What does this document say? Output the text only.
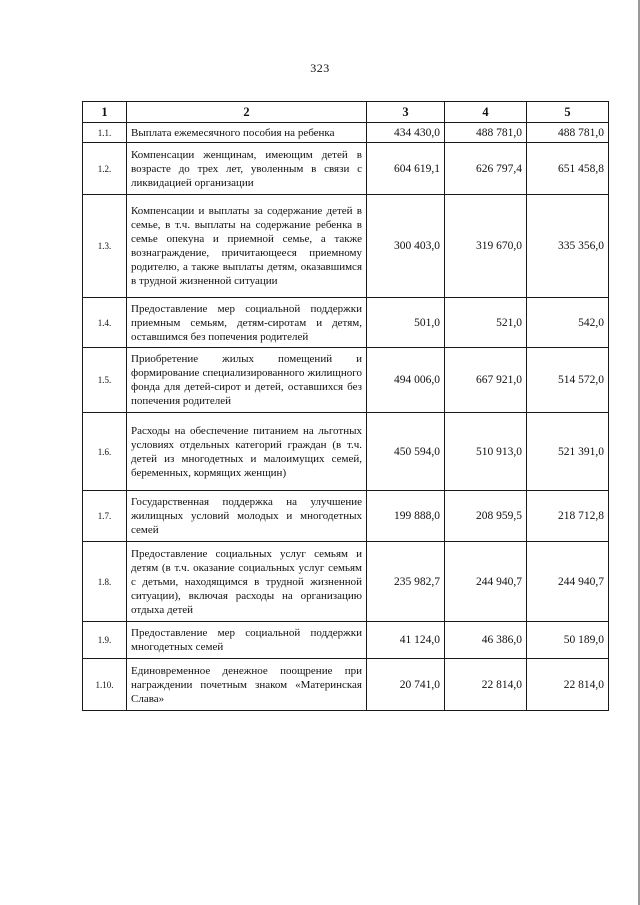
323
1	2	3	4	5
1.1.	Выплата ежемесячного пособия на ребенка	434 430,0	488 781,0	488 781,0
1.2.	Компенсации женщинам, имеющим детей в возрасте до трех лет, уволенным в связи с ликвидацией организации	604 619,1	626 797,4	651 458,8
1.3.	Компенсации и выплаты за содержание детей в семье, в т.ч. выплаты на содержание ребенка в семье опекуна и приемной семье, а также вознаграждение, причитающееся приемному родителю, а также выплаты детям, оказавшимся в трудной жизненной ситуации	300 403,0	319 670,0	335 356,0
1.4.	Предоставление мер социальной поддержки приемным семьям, детям-сиротам и детям, оставшимся без попечения родителей	501,0	521,0	542,0
1.5.	Приобретение жилых помещений и формирование специализированного жилищного фонда для детей-сирот и детей, оставшихся без попечения родителей	494 006,0	667 921,0	514 572,0
1.6.	Расходы на обеспечение питанием на льготных условиях отдельных категорий граждан (в т.ч. детей из многодетных и малоимущих семей, беременных, кормящих женщин)	450 594,0	510 913,0	521 391,0
1.7.	Государственная поддержка на улучшение жилищных условий молодых и многодетных семей	199 888,0	208 959,5	218 712,8
1.8.	Предоставление социальных услуг семьям и детям (в т.ч. оказание социальных услуг семьям с детьми, находящимся в трудной жизненной ситуации), включая расходы на организацию отдыха детей	235 982,7	244 940,7	244 940,7
1.9.	Предоставление мер социальной поддержки многодетных семей	41 124,0	46 386,0	50 189,0
1.10.	Единовременное денежное поощрение при награждении почетным знаком «Материнская Слава»	20 741,0	22 814,0	22 814,0
